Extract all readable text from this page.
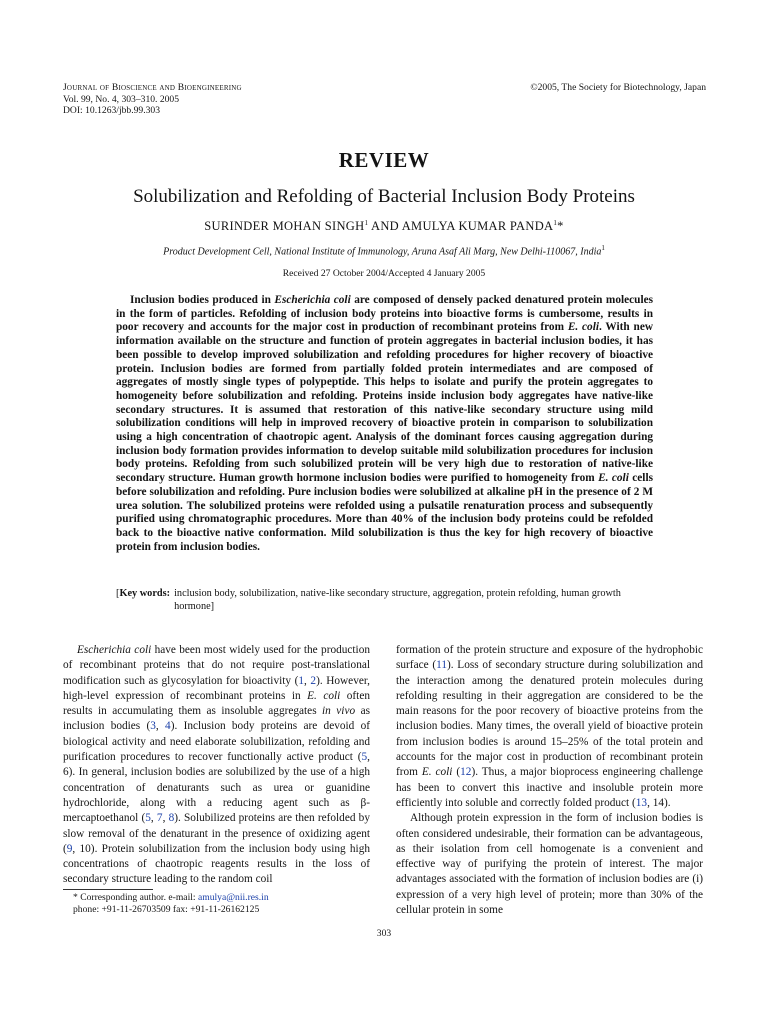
Journal of Bioscience and Bioengineering
Vol. 99, No. 4, 303–310. 2005
DOI: 10.1263/jbb.99.303
©2005, The Society for Biotechnology, Japan
REVIEW
Solubilization and Refolding of Bacterial Inclusion Body Proteins
SURINDER MOHAN SINGH$^1$ AND AMULYA KUMAR PANDA$^1$*
Product Development Cell, National Institute of Immunology, Aruna Asaf Ali Marg, New Delhi-110067, India$^1$
Received 27 October 2004/Accepted 4 January 2005
Inclusion bodies produced in Escherichia coli are composed of densely packed denatured protein molecules in the form of particles. Refolding of inclusion body proteins into bioactive forms is cumbersome, results in poor recovery and accounts for the major cost in production of recombinant proteins from E. coli. With new information available on the structure and function of protein aggregates in bacterial inclusion bodies, it has been possible to develop improved solubilization and refolding procedures for higher recovery of bioactive protein. Inclusion bodies are formed from partially folded protein intermediates and are composed of aggregates of mostly single types of polypeptide. This helps to isolate and purify the protein aggregates to homogeneity before solubilization and refolding. Proteins inside inclusion body aggregates have native-like secondary structures. It is assumed that restoration of this native-like secondary structure using mild solubilization conditions will help in improved recovery of bioactive protein in comparison to solubilization using a high concentration of chaotropic agent. Analysis of the dominant forces causing aggregation during inclusion body formation provides information to develop suitable mild solubilization procedures for inclusion body proteins. Refolding from such solubilized protein will be very high due to restoration of native-like secondary structure. Human growth hormone inclusion bodies were purified to homogeneity from E. coli cells before solubilization and refolding. Pure inclusion bodies were solubilized at alkaline pH in the presence of 2 M urea solution. The solubilized proteins were refolded using a pulsatile renaturation process and subsequently purified using chromatographic procedures. More than 40% of the inclusion body proteins could be refolded back to the bioactive native conformation. Mild solubilization is thus the key for high recovery of bioactive protein from inclusion bodies.
[Key words: inclusion body, solubilization, native-like secondary structure, aggregation, protein refolding, human growth hormone]

Escherichia coli have been most widely used for the production of recombinant proteins that do not require post-translational modification such as glycosylation for bioactivity (1, 2). However, high-level expression of recombinant proteins in E. coli often results in accumulating them as insoluble aggregates in vivo as inclusion bodies (3, 4). Inclusion body proteins are devoid of biological activity and need elaborate solubilization, refolding and purification procedures to recover functionally active product (5, 6). In general, inclusion bodies are solubilized by the use of a high concentration of denaturants such as urea or guanidine hydrochloride, along with a reducing agent such as β-mercaptoethanol (5, 7, 8). Solubilized proteins are then refolded by slow removal of the denaturant in the presence of oxidizing agent (9, 10). Protein solubilization from the inclusion body using high concentrations of chaotropic reagents results in the loss of secondary structure leading to the random coil

formation of the protein structure and exposure of the hydrophobic surface (11). Loss of secondary structure during solubilization and the interaction among the denatured protein molecules during refolding resulting in their aggregation are considered to be the main reasons for the poor recovery of bioactive proteins from the inclusion bodies. Many times, the overall yield of bioactive protein from inclusion bodies is around 15–25% of the total protein and accounts for the major cost in production of recombinant protein from E. coli (12). Thus, a major bioprocess engineering challenge has been to convert this inactive and insoluble protein more efficiently into soluble and correctly folded product (13, 14).

Although protein expression in the form of inclusion bodies is often considered undesirable, their formation can be advantageous, as their isolation from cell homogenate is a convenient and effective way of purifying the protein of interest. The major advantages associated with the formation of inclusion bodies are (i) expression of a very high level of protein; more than 30% of the cellular protein in some

* Corresponding author. e-mail: amulya@nii.res.in
phone: +91-11-26703509 fax: +91-11-26162125
303
